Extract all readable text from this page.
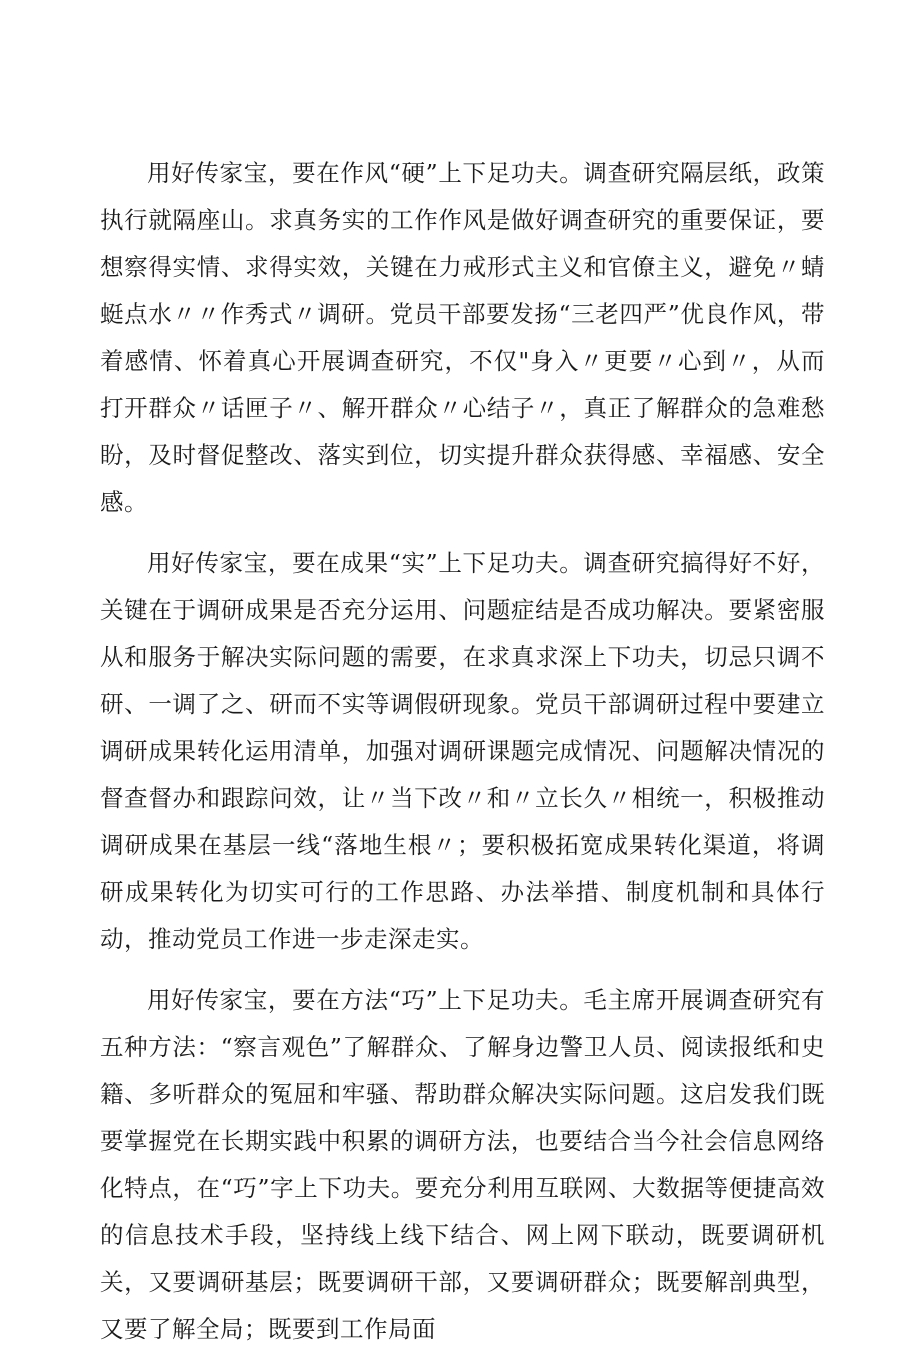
用好传家宝，要在作风“硬”上下足功夫。调查研究隔层纸，政策执行就隔座山。求真务实的工作作风是做好调查研究的重要保证，要想察得实情、求得实效，关键在力戒形式主义和官僚主义，避免〃蜻蜓点水〃〃作秀式〃调研。党员干部要发扬“三老四严”优良作风，带着感情、怀着真心开展调查研究，不仅"身入〃更要〃心到〃，从而打开群众〃话匣子〃、解开群众〃心结子〃，真正了解群众的急难愁盼，及时督促整改、落实到位，切实提升群众获得感、幸福感、安全感。

用好传家宝，要在成果“实”上下足功夫。调查研究搞得好不好，关键在于调研成果是否充分运用、问题症结是否成功解决。要紧密服从和服务于解决实际问题的需要，在求真求深上下功夫，切忌只调不研、一调了之、研而不实等调假研现象。党员干部调研过程中要建立调研成果转化运用清单，加强对调研课题完成情况、问题解决情况的督查督办和跟踪问效，让〃当下改〃和〃立长久〃相统一，积极推动调研成果在基层一线“落地生根〃；要积极拓宽成果转化渠道，将调研成果转化为切实可行的工作思路、办法举措、制度机制和具体行动，推动党员工作进一步走深走实。

用好传家宝，要在方法“巧”上下足功夫。毛主席开展调查研究有五种方法：“察言观色”了解群众、了解身边警卫人员、阅读报纸和史籍、多听群众的冤屈和牢骚、帮助群众解决实际问题。这启发我们既要掌握党在长期实践中积累的调研方法，也要结合当今社会信息网络化特点，在“巧”字上下功夫。要充分利用互联网、大数据等便捷高效的信息技术手段，坚持线上线下结合、网上网下联动，既要调研机关，又要调研基层；既要调研干部，又要调研群众；既要解剖典型，又要了解全局；既要到工作局面
